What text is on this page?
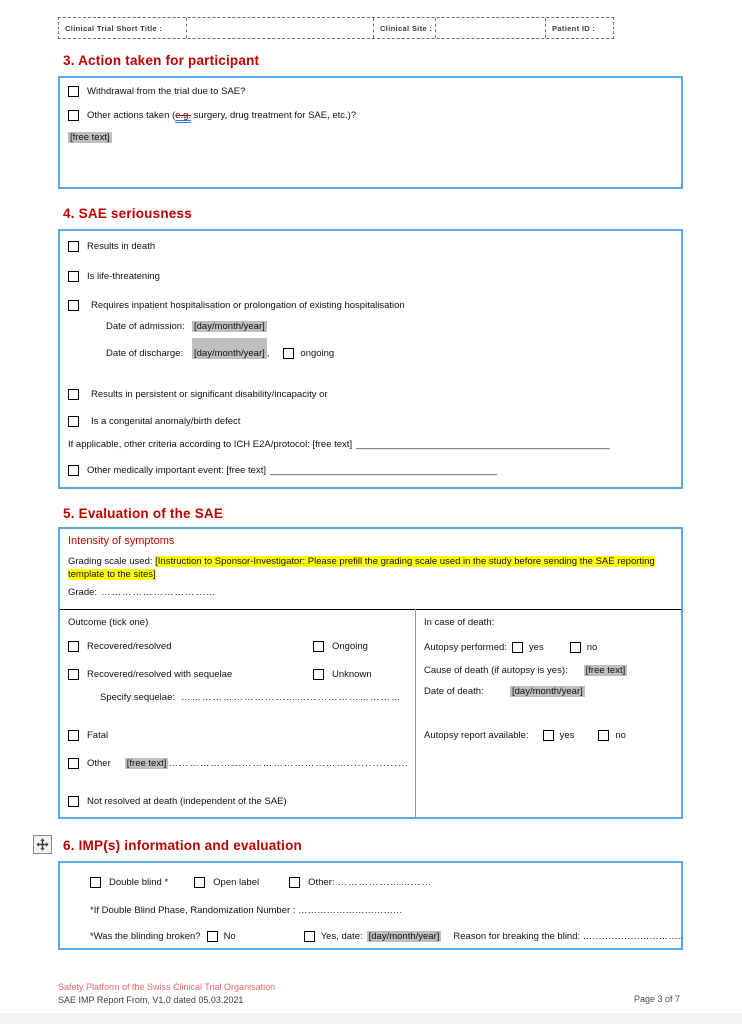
Clinical Trial Short Title :	Clinical Site :	Patient ID :
3. Action taken for participant
Withdrawal from the trial due to SAE?
Other actions taken (e.g. surgery, drug treatment for SAE, etc.)?
[free text]
4. SAE seriousness
Results in death
Is life-threatening
Requires inpatient hospitalisation or prolongation of existing hospitalisation
Date of admission: [day/month/year]
Date of discharge:	[day/month/year] ,	ongoing
Results in persistent or significant disability/incapacity or
Is a congenital anomaly/birth defect
If applicable, other criteria according to ICH E2A/protocol: [free text] ________________________________________________
Other medically important event: [free text] ___________________________________________
5. Evaluation of the SAE
Intensity of symptoms
Grading scale used: [Instruction to Sponsor-Investigator: Please prefill the grading scale used in the study before sending the SAE reporting template to the sites]
Grade: ……………………………
Outcome (tick one)
Recovered/resolved	Ongoing
Recovered/resolved with sequelae	Unknown
Specify sequelae: ………………………………………………………
Fatal
Other [free text] …………………………………………….................
Not resolved at death (independent of the SAE)
In case of death:
Autopsy performed: yes	no
Cause of death (if autopsy is yes): [free text]
Date of death:	[day/month/year]
Autopsy report available:	yes	no
6. IMP(s) information and evaluation
Double blind *	Open label	Other: ………………………
*If Double Blind Phase, Randomization Number : ……………………………
*Was the blinding broken? No	Yes, date: [day/month/year] Reason for breaking the blind: …………………………..
Safety Platform of the Swiss Clinical Trial Organisation
SAE IMP Report From, V1.0 dated 05.03.2021	Page 3 of 7
